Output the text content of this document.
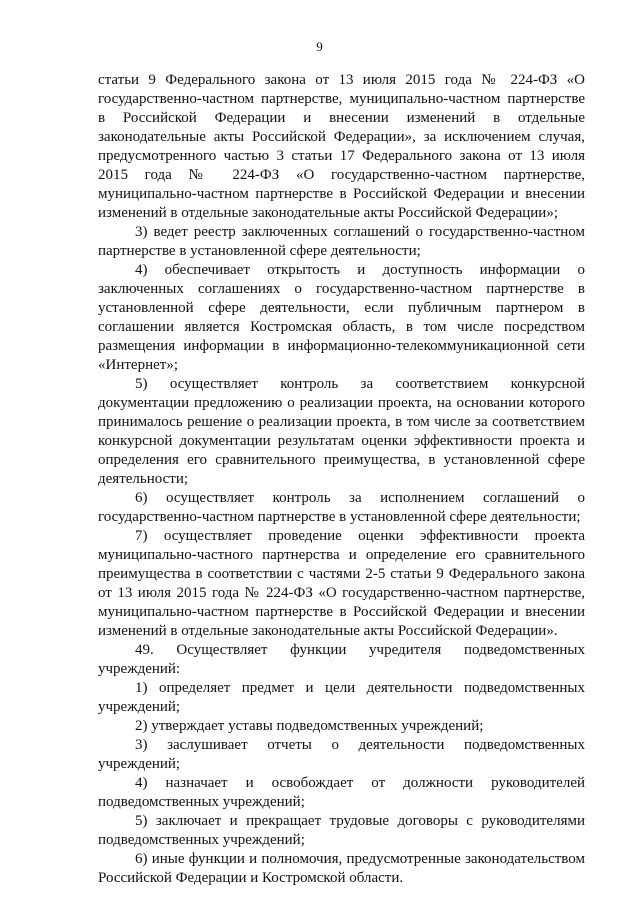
9

статьи 9 Федерального закона от 13 июля 2015 года № 224-ФЗ «О государственно-частном партнерстве, муниципально-частном партнерстве в Российской Федерации и внесении изменений в отдельные законодательные акты Российской Федерации», за исключением случая, предусмотренного частью 3 статьи 17 Федерального закона от 13 июля 2015 года № 224-ФЗ «О государственно-частном партнерстве, муниципально-частном партнерстве в Российской Федерации и внесении изменений в отдельные законодательные акты Российской Федерации»;

3) ведет реестр заключенных соглашений о государственно-частном партнерстве в установленной сфере деятельности;

4) обеспечивает открытость и доступность информации о заключенных соглашениях о государственно-частном партнерстве в установленной сфере деятельности, если публичным партнером в соглашении является Костромская область, в том числе посредством размещения информации в информационно-телекоммуникационной сети «Интернет»;

5) осуществляет контроль за соответствием конкурсной документации предложению о реализации проекта, на основании которого принималось решение о реализации проекта, в том числе за соответствием конкурсной документации результатам оценки эффективности проекта и определения его сравнительного преимущества, в установленной сфере деятельности;

6) осуществляет контроль за исполнением соглашений о государственно-частном партнерстве в установленной сфере деятельности;

7) осуществляет проведение оценки эффективности проекта муниципально-частного партнерства и определение его сравнительного преимущества в соответствии с частями 2-5 статьи 9 Федерального закона от 13 июля 2015 года № 224-ФЗ «О государственно-частном партнерстве, муниципально-частном партнерстве в Российской Федерации и внесении изменений в отдельные законодательные акты Российской Федерации».

49. Осуществляет функции учредителя подведомственных учреждений:

1) определяет предмет и цели деятельности подведомственных учреждений;

2) утверждает уставы подведомственных учреждений;

3) заслушивает отчеты о деятельности подведомственных учреждений;

4) назначает и освобождает от должности руководителей подведомственных учреждений;

5) заключает и прекращает трудовые договоры с руководителями подведомственных учреждений;

6) иные функции и полномочия, предусмотренные законодательством Российской Федерации и Костромской области.
